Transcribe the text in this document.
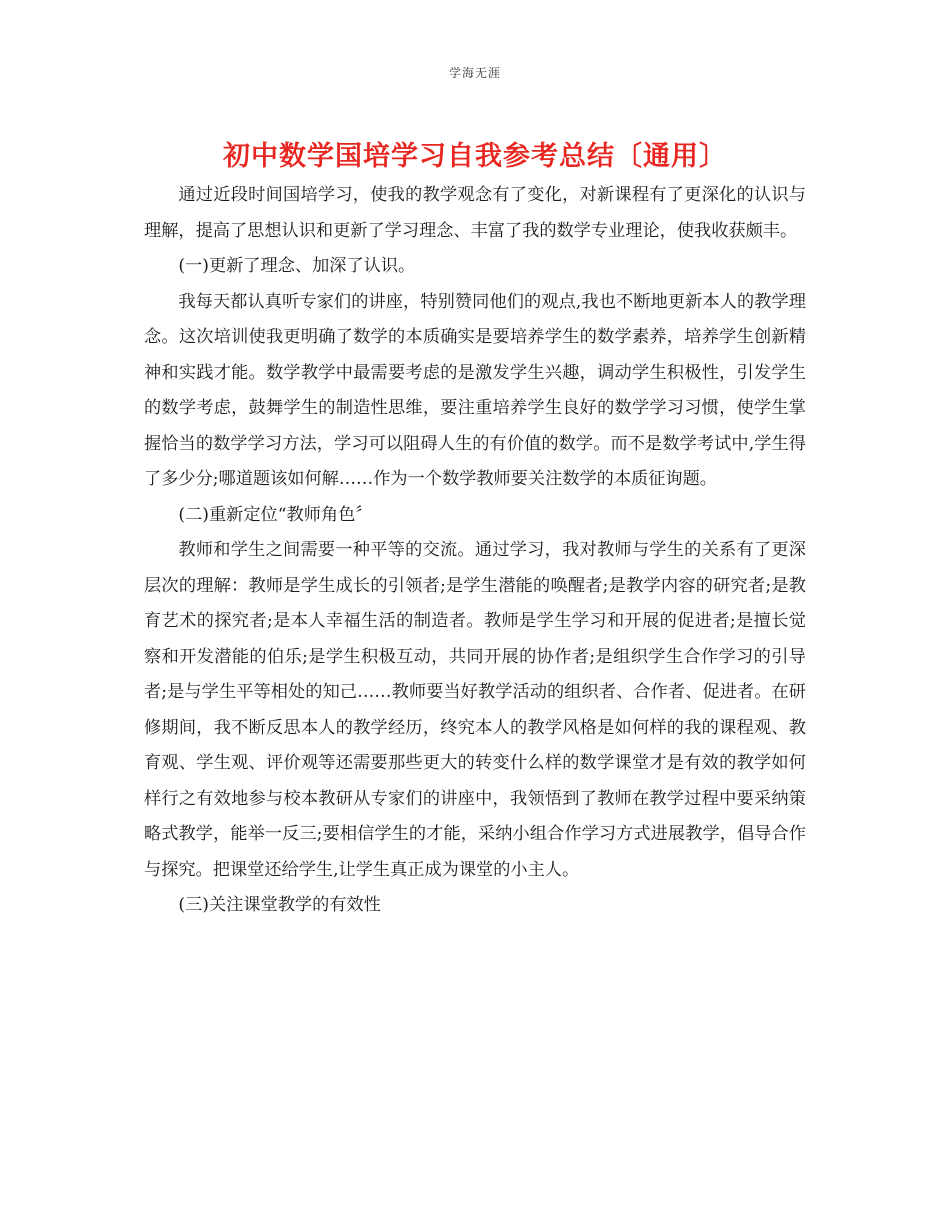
学海无涯
初中数学国培学习自我参考总结〔通用〕

通过近段时间国培学习，使我的教学观念有了变化，对新课程有了更深化的认识与理解，提高了思想认识和更新了学习理念、丰富了我的数学专业理论，使我收获颇丰。

(一)更新了理念、加深了认识。

我每天都认真听专家们的讲座，特别赞同他们的观点,我也不断地更新本人的教学理念。这次培训使我更明确了数学的本质确实是要培养学生的数学素养，培养学生创新精神和实践才能。数学教学中最需要考虑的是激发学生兴趣，调动学生积极性，引发学生的数学考虑，鼓舞学生的制造性思维，要注重培养学生良好的数学学习习惯，使学生掌握恰当的数学学习方法，学习可以阻碍人生的有价值的数学。而不是数学考试中,学生得了多少分;哪道题该如何解……作为一个数学教师要关注数学的本质征询题。

(二)重新定位“教师角色〞

教师和学生之间需要一种平等的交流。通过学习，我对教师与学生的关系有了更深层次的理解：教师是学生成长的引领者;是学生潜能的唤醒者;是教学内容的研究者;是教育艺术的探究者;是本人幸福生活的制造者。教师是学生学习和开展的促进者;是擅长觉察和开发潜能的伯乐;是学生积极互动，共同开展的协作者;是组织学生合作学习的引导者;是与学生平等相处的知己……教师要当好教学活动的组织者、合作者、促进者。在研修期间，我不断反思本人的教学经历，终究本人的教学风格是如何样的我的课程观、教育观、学生观、评价观等还需要那些更大的转变什么样的数学课堂才是有效的教学如何样行之有效地参与校本教研从专家们的讲座中，我领悟到了教师在教学过程中要采纳策略式教学，能举一反三;要相信学生的才能，采纳小组合作学习方式进展教学，倡导合作与探究。把课堂还给学生,让学生真正成为课堂的小主人。

(三)关注课堂教学的有效性
